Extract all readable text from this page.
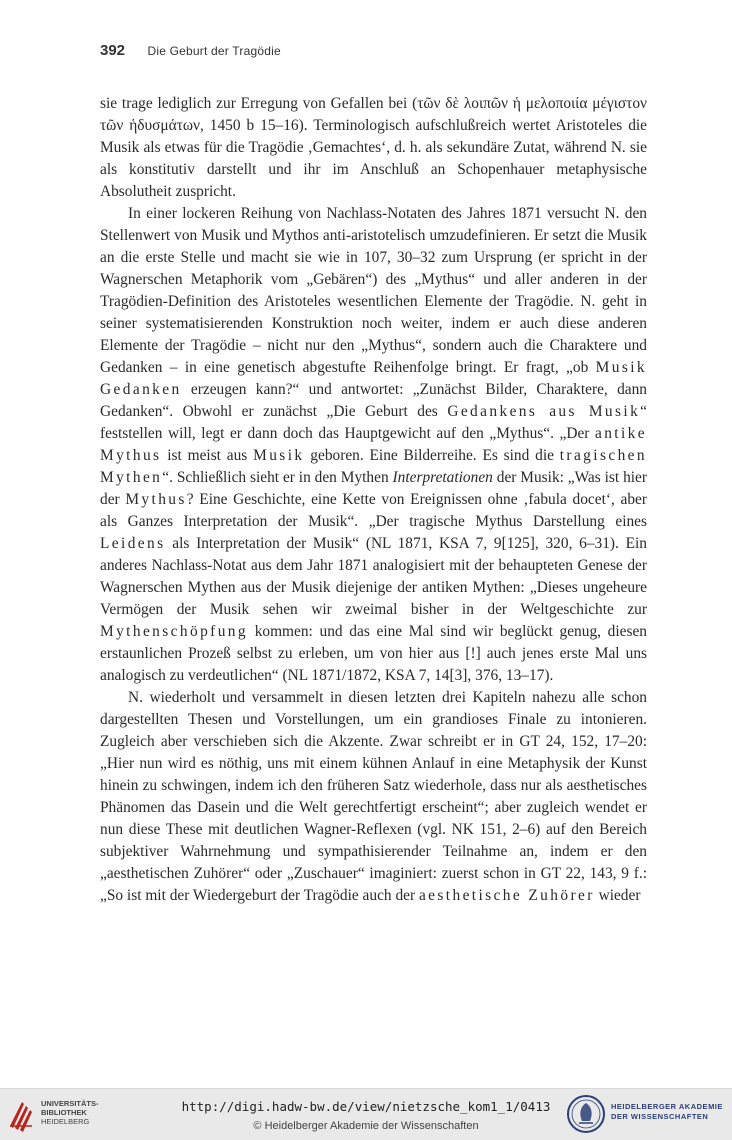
392 Die Geburt der Tragödie

sie trage lediglich zur Erregung von Gefallen bei (τῶν δὲ λοιπῶν ἡ μελοποιία μέγιστον τῶν ἡδυσμάτων, 1450 b 15–16). Terminologisch aufschlußreich wertet Aristoteles die Musik als etwas für die Tragödie ‚Gemachtes‘, d. h. als sekundäre Zutat, während N. sie als konstitutiv darstellt und ihr im Anschluß an Schopenhauer metaphysische Absolutheit zuspricht.

In einer lockeren Reihung von Nachlass-Notaten des Jahres 1871 versucht N. den Stellenwert von Musik und Mythos anti-aristotelisch umzudefinieren. Er setzt die Musik an die erste Stelle und macht sie wie in 107, 30–32 zum Ursprung (er spricht in der Wagnerschen Metaphorik vom „Gebären“) des „Mythus“ und aller anderen in der Tragödien-Definition des Aristoteles wesentlichen Elemente der Tragödie. N. geht in seiner systematisierenden Konstruktion noch weiter, indem er auch diese anderen Elemente der Tragödie – nicht nur den „Mythus“, sondern auch die Charaktere und Gedanken – in eine genetisch abgestufte Reihenfolge bringt. Er fragt, „ob Musik Gedanken erzeugen kann?“ und antwortet: „Zunächst Bilder, Charaktere, dann Gedanken“. Obwohl er zunächst „Die Geburt des Gedankens aus Musik“ feststellen will, legt er dann doch das Hauptgewicht auf den „Mythus“. „Der antike Mythus ist meist aus Musik geboren. Eine Bilderreihe. Es sind die tragischen Mythen“. Schließlich sieht er in den Mythen Interpretationen der Musik: „Was ist hier der Mythus? Eine Geschichte, eine Kette von Ereignissen ohne ‚fabula docet‘, aber als Ganzes Interpretation der Musik“. „Der tragische Mythus Darstellung eines Leidens als Interpretation der Musik“ (NL 1871, KSA 7, 9[125], 320, 6–31). Ein anderes Nachlass-Notat aus dem Jahr 1871 analogisiert mit der behaupteten Genese der Wagnerschen Mythen aus der Musik diejenige der antiken Mythen: „Dieses ungeheure Vermögen der Musik sehen wir zweimal bisher in der Weltgeschichte zur Mythenschöpfung kommen: und das eine Mal sind wir beglückt genug, diesen erstaunlichen Prozeß selbst zu erleben, um von hier aus [!] auch jenes erste Mal uns analogisch zu verdeutlichen“ (NL 1871/1872, KSA 7, 14[3], 376, 13–17).

N. wiederholt und versammelt in diesen letzten drei Kapiteln nahezu alle schon dargestellten Thesen und Vorstellungen, um ein grandioses Finale zu intonieren. Zugleich aber verschieben sich die Akzente. Zwar schreibt er in GT 24, 152, 17–20: „Hier nun wird es nöthig, uns mit einem kühnen Anlauf in eine Metaphysik der Kunst hinein zu schwingen, indem ich den früheren Satz wiederhole, dass nur als aesthetisches Phänomen das Dasein und die Welt gerechtfertigt erscheint“; aber zugleich wendet er nun diese These mit deutlichen Wagner-Reflexen (vgl. NK 151, 2–6) auf den Bereich subjektiver Wahrnehmung und sympathisierender Teilnahme an, indem er den „aesthetischen Zuhörer“ oder „Zuschauer“ imaginiert: zuerst schon in GT 22, 143, 9 f.: „So ist mit der Wiedergeburt der Tragödie auch der aesthetische Zuhörer wieder

UNIVERSITÄTS-
BIBLIOTHEK
HEIDELBERG
http://digi.hadw-bw.de/view/nietzsche_kom1_1/0413
© Heidelberger Akademie der Wissenschaften
HEIDELBERGER AKADEMIE
DER WISSENSCHAFTEN
